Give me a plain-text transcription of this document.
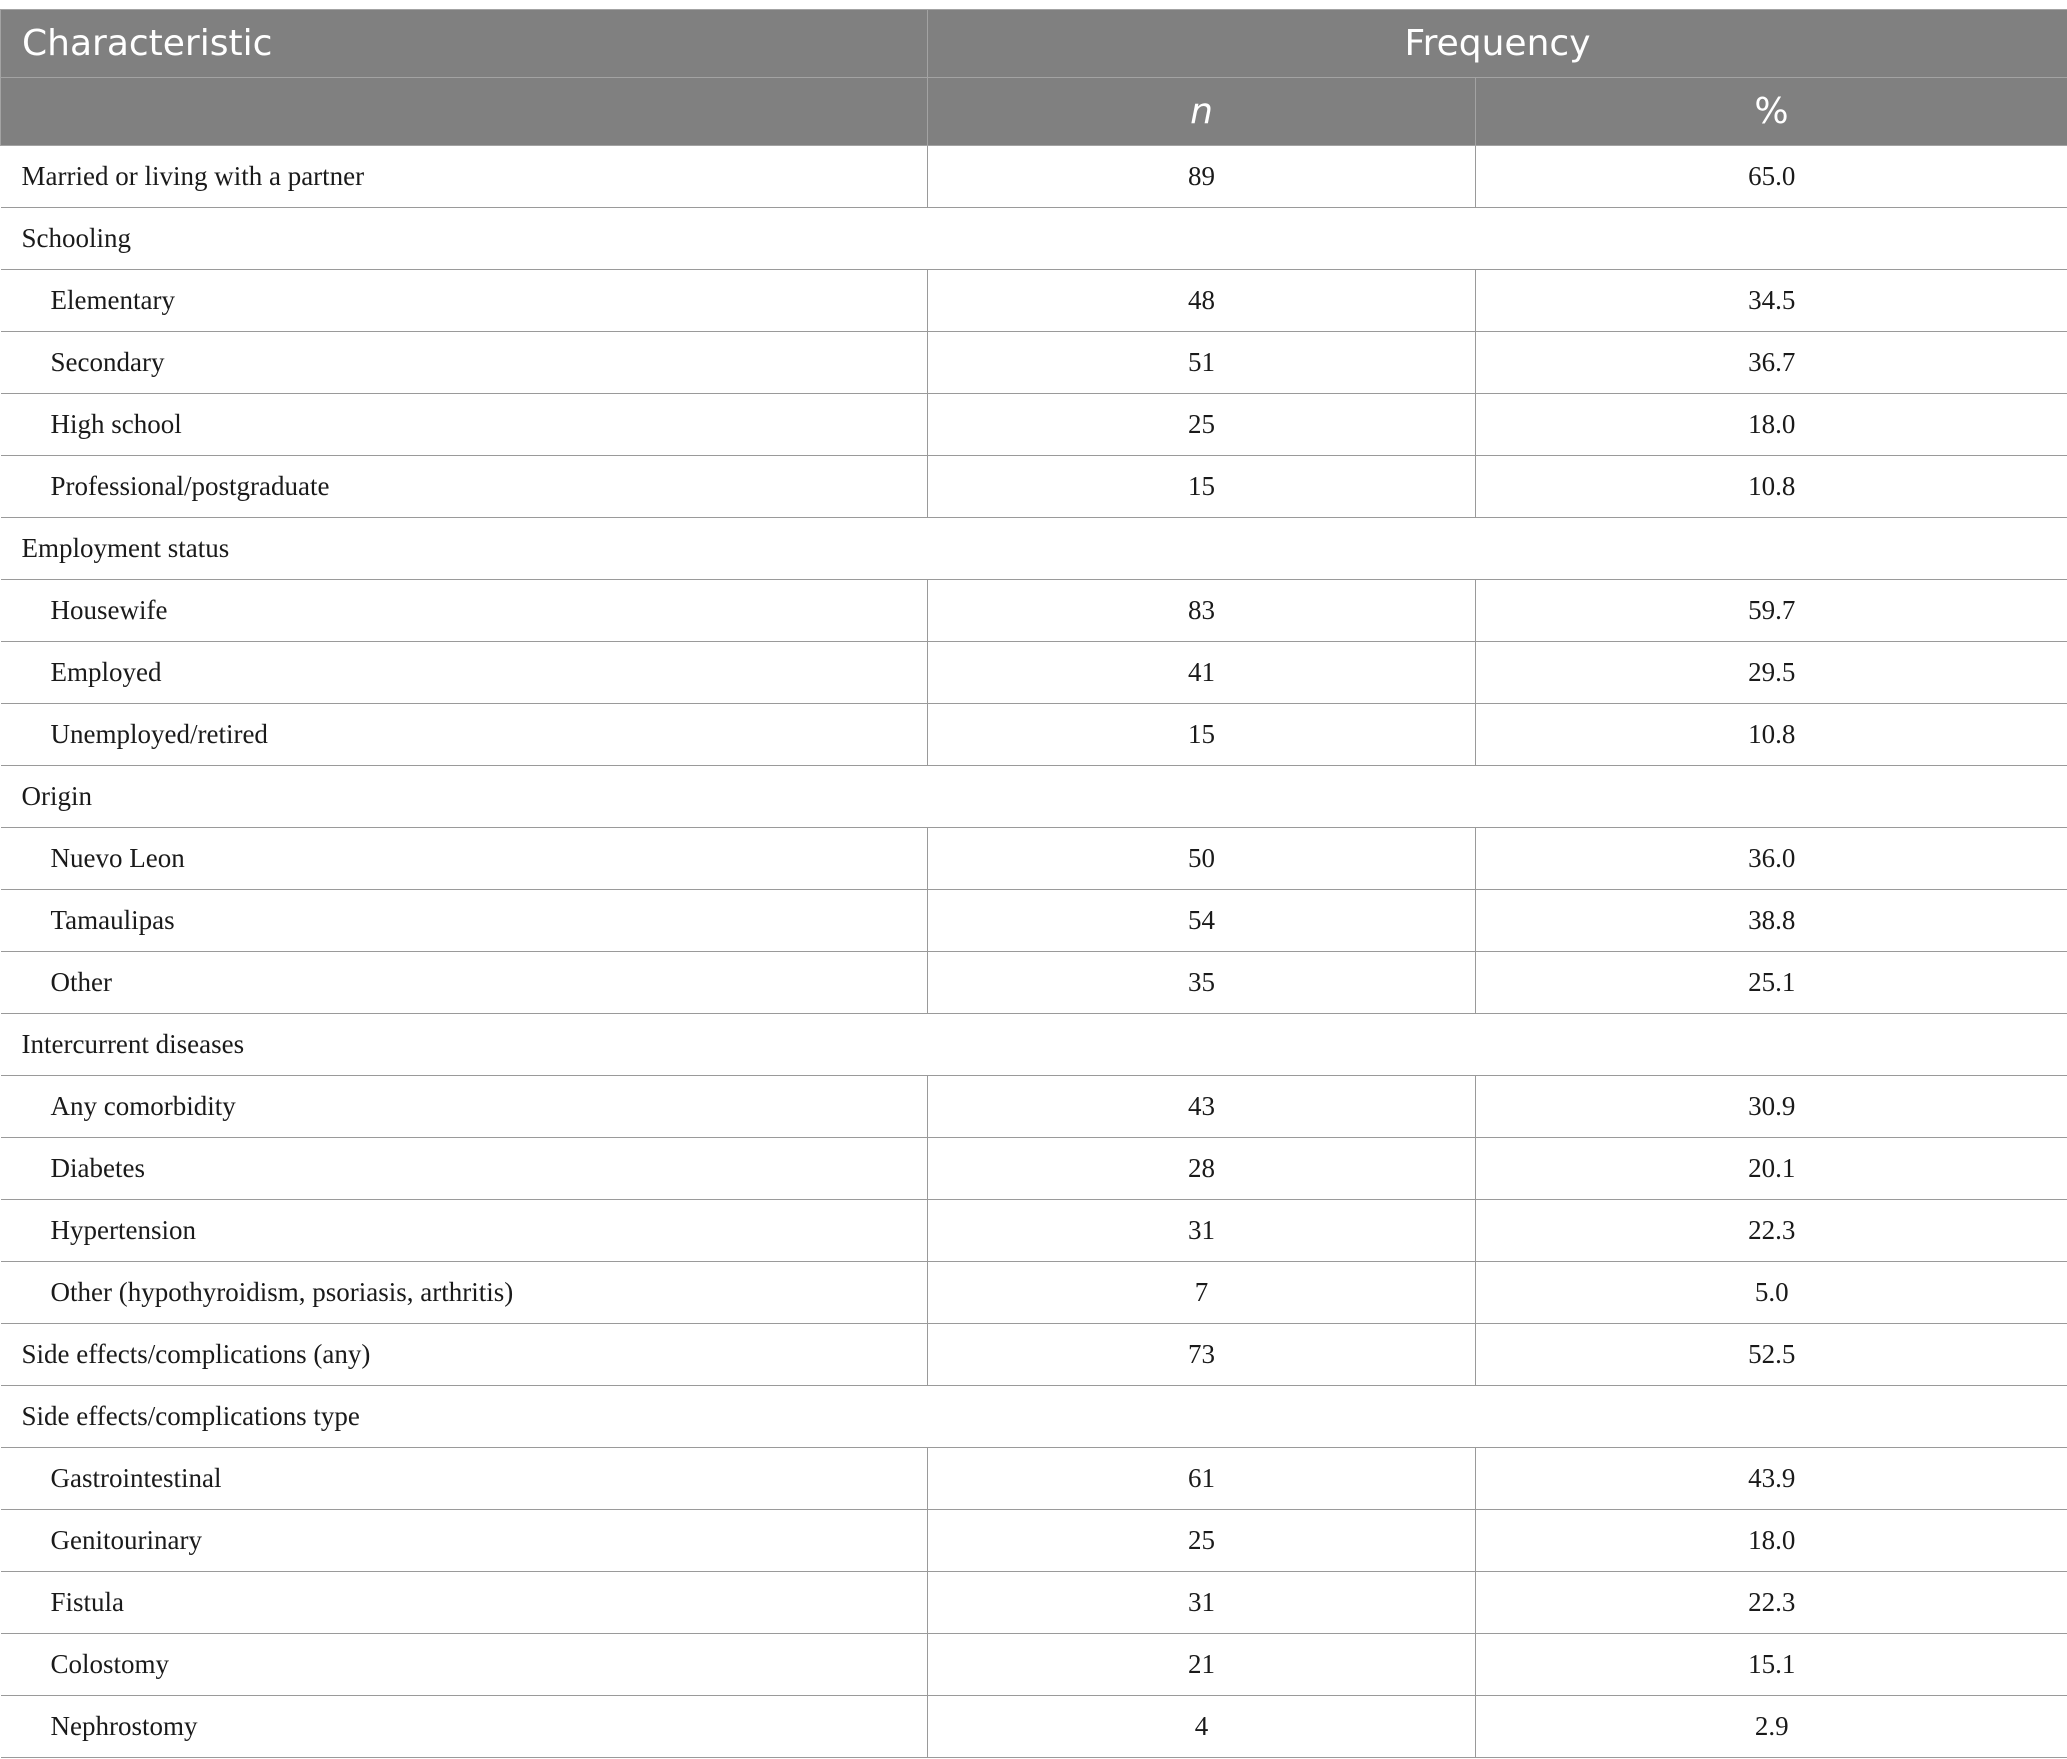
Characteristic	Frequency	
	n	%
Married or living with a partner	89	65.0
Schooling		
Elementary	48	34.5
Secondary	51	36.7
High school	25	18.0
Professional/postgraduate	15	10.8
Employment status		
Housewife	83	59.7
Employed	41	29.5
Unemployed/retired	15	10.8
Origin		
Nuevo Leon	50	36.0
Tamaulipas	54	38.8
Other	35	25.1
Intercurrent diseases		
Any comorbidity	43	30.9
Diabetes	28	20.1
Hypertension	31	22.3
Other (hypothyroidism, psoriasis, arthritis)	7	5.0
Side effects/complications (any)	73	52.5
Side effects/complications type		
Gastrointestinal	61	43.9
Genitourinary	25	18.0
Fistula	31	22.3
Colostomy	21	15.1
Nephrostomy	4	2.9
